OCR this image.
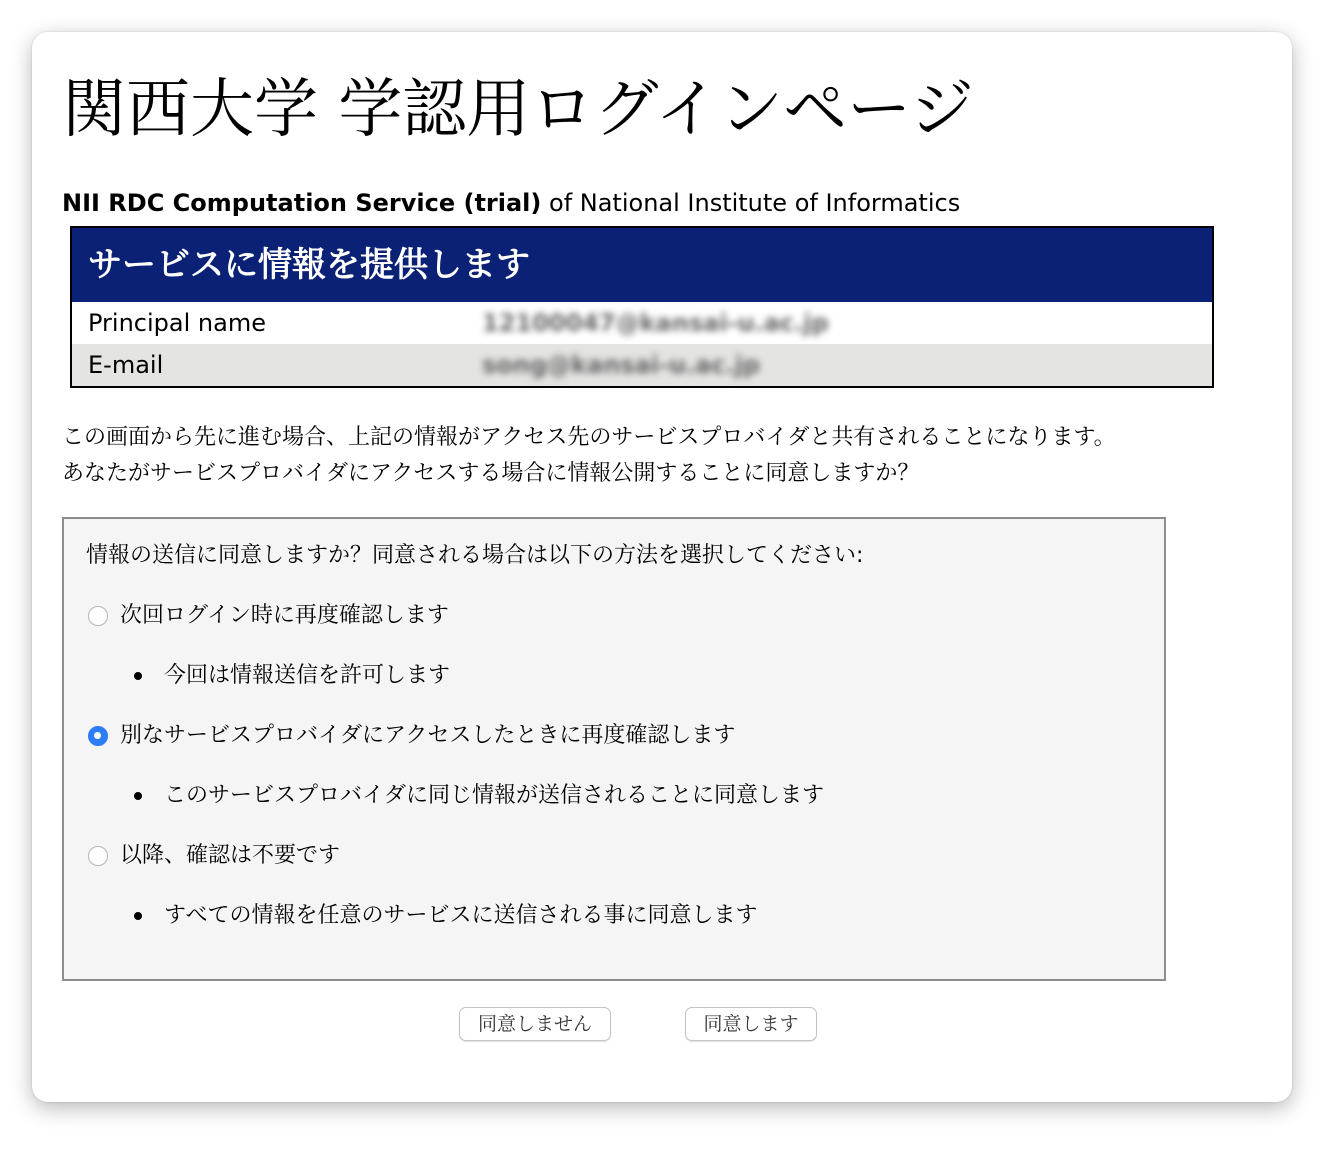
関西大学 学認用ログインページ
NII RDC Computation Service (trial) of National Institute of Informatics
サービスに情報を提供します
Principal name	12100047@kansai-u.ac.jp
E-mail	song@kansai-u.ac.jp
この画面から先に進む場合、上記の情報がアクセス先のサービスプロバイダと共有されることになります。
あなたがサービスプロバイダにアクセスする場合に情報公開することに同意しますか？
情報の送信に同意しますか？同意される場合は以下の方法を選択してください:
次回ログイン時に再度確認します
今回は情報送信を許可します
別なサービスプロバイダにアクセスしたときに再度確認します
このサービスプロバイダに同じ情報が送信されることに同意します
以降、確認は不要です
すべての情報を任意のサービスに送信される事に同意します
同意しません	同意します
